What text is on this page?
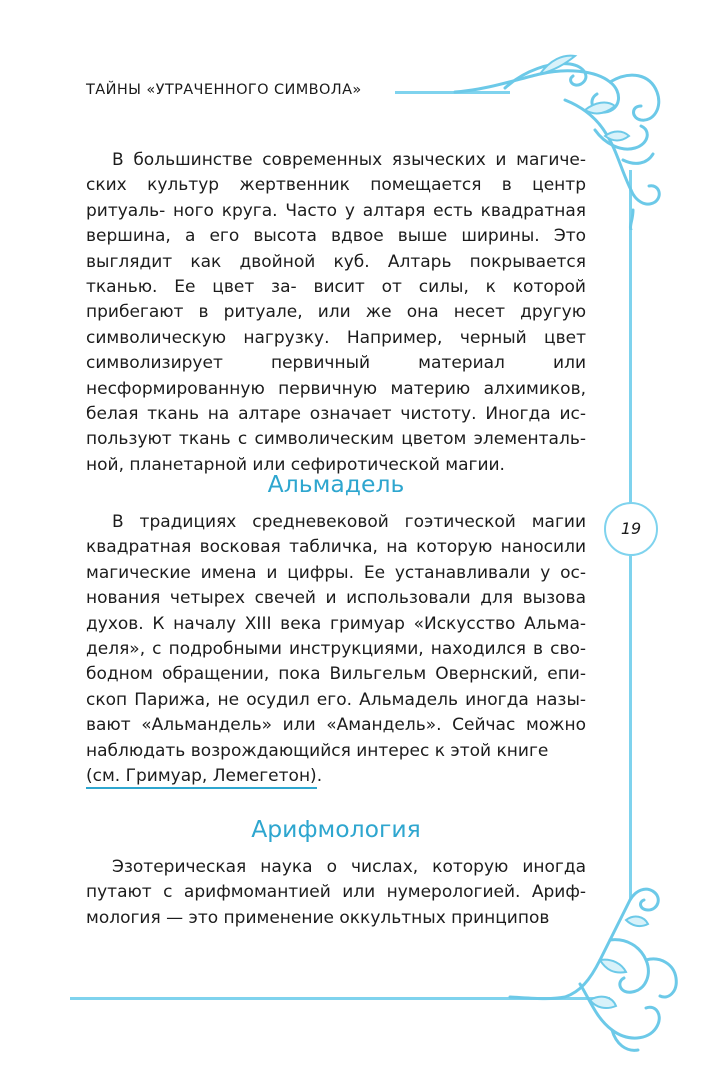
ТАЙНЫ «УТРАЧЕННОГО СИМВОЛА»
19

В большинстве современных языческих и магиче- ских культур жертвенник помещается в центр ритуаль- ного круга. Часто у алтаря есть квадратная вершина, а его высота вдвое выше ширины. Это выглядит как двойной куб. Алтарь покрывается тканью. Ее цвет за- висит от силы, к которой прибегают в ритуале, или же она несет другую символическую нагрузку. Например, черный цвет символизирует первичный материал или несформированную первичную материю алхимиков, белая ткань на алтаре означает чистоту. Иногда ис- пользуют ткань с символическим цветом элементаль- ной, планетарной или сефиротической магии.

Альмадель

В традициях средневековой гоэтической магии квадратная восковая табличка, на которую наносили магические имена и цифры. Ее устанавливали у ос- нования четырех свечей и использовали для вызова духов. К началу XIII века гримуар «Искусство Альма- деля», с подробными инструкциями, находился в сво- бодном обращении, пока Вильгельм Овернский, епи- скоп Парижа, не осудил его. Альмадель иногда назы- вают «Альмандель» или «Амандель». Сейчас можно наблюдать возрождающийся интерес к этой книге

(см. Гримуар, Лемегетон).

Арифмология

Эзотерическая наука о числах, которую иногда путают с арифмомантией или нумерологией. Ариф- мология — это применение оккультных принципов
